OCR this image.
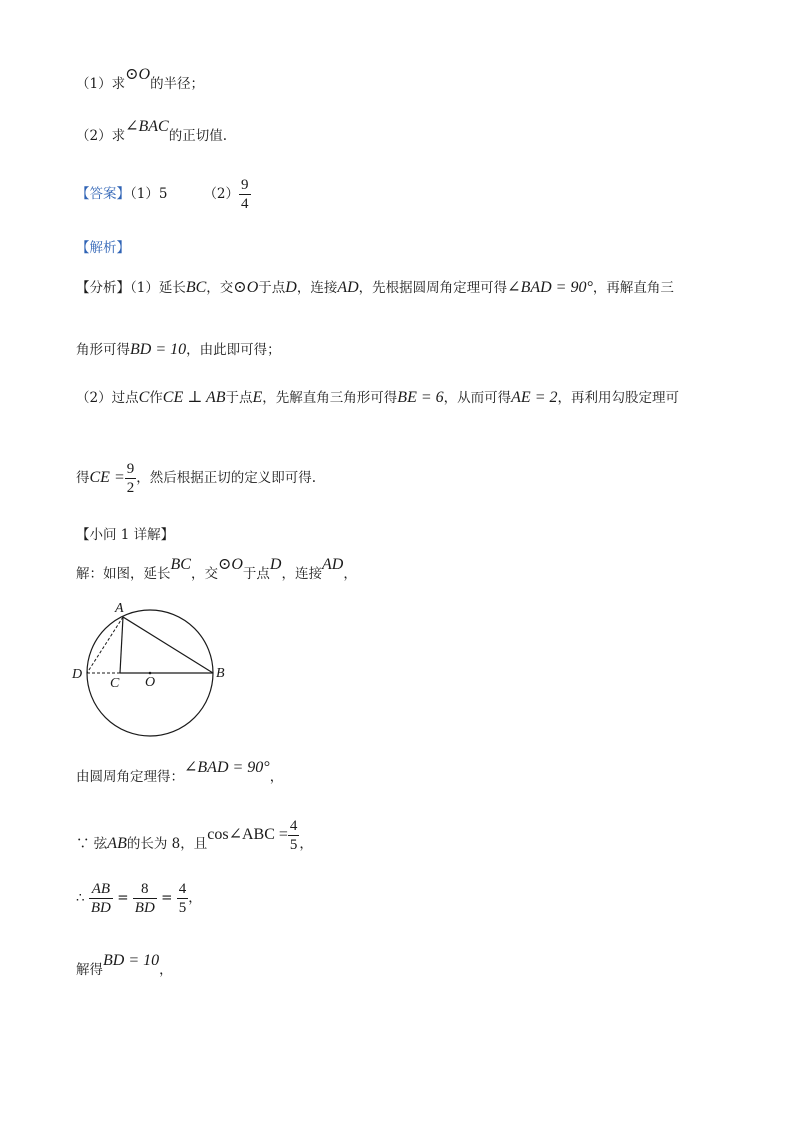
（1）求⊙O的半径；
（2）求∠BAC的正切值.
【答案】（1）5	$(2) \frac{9}{4}$
【解析】
【分析】（1）延长BC，交⊙O于点D，连接AD，先根据圆周角定理可得∠BAD = 90°，再解直角三
角形可得BD = 10，由此即可得；
（2）过点C作CE ⊥ AB于点E，先解直角三角形可得BE = 6，从而可得AE = 2，再利用勾股定理可
得CE = $\frac{9}{2}$ ，然后根据正切的定义即可得.
【小问 1 详解】
解：如图，延长BC，交⊙O于点D，连接AD，
A
B
C
D
O
由圆周角定理得：∠BAD = 90°，
∵ 弦AB的长为 8，且cos∠ABC = $\frac{4}{5}$ ，
∴ $\frac{AB}{BD} = \frac{8}{BD} = \frac{4}{5}$ ，
解得BD = 10，
